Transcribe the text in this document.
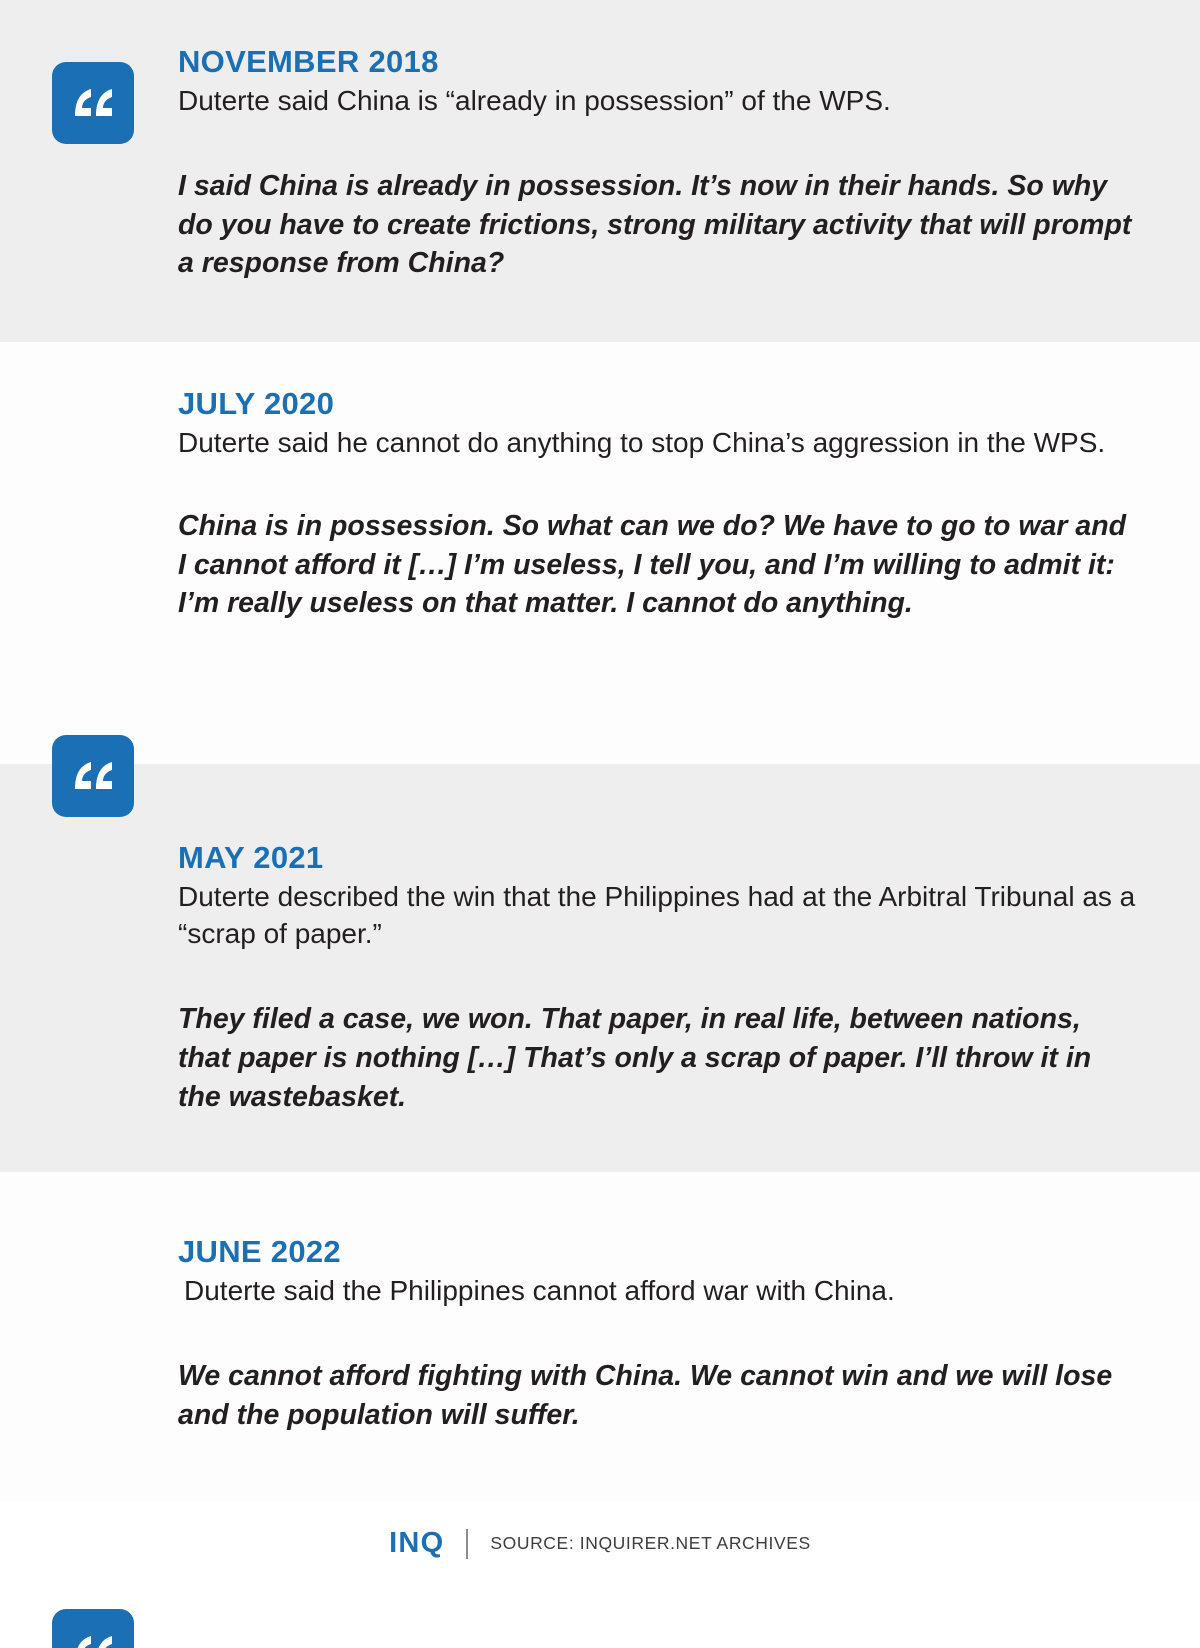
NOVEMBER 2018

Duterte said China is “already in possession” of the WPS.

I said China is already in possession. It’s now in their hands. So why do you have to create frictions, strong military activity that will prompt a response from China?

JULY 2020

Duterte said he cannot do anything to stop China’s aggression in the WPS.

China is in possession. So what can we do? We have to go to war and I cannot afford it […] I’m useless, I tell you, and I’m willing to admit it: I’m really useless on that matter. I cannot do anything.

MAY 2021

Duterte described the win that the Philippines had at the Arbitral Tribunal as a “scrap of paper.”

They filed a case, we won. That paper, in real life, between nations, that paper is nothing […] That’s only a scrap of paper. I’ll throw it in the wastebasket.

JUNE 2022

Duterte said the Philippines cannot afford war with China.

We cannot afford fighting with China. We cannot win and we will lose and the population will suffer.

INQ	SOURCE: INQUIRER.NET ARCHIVES
